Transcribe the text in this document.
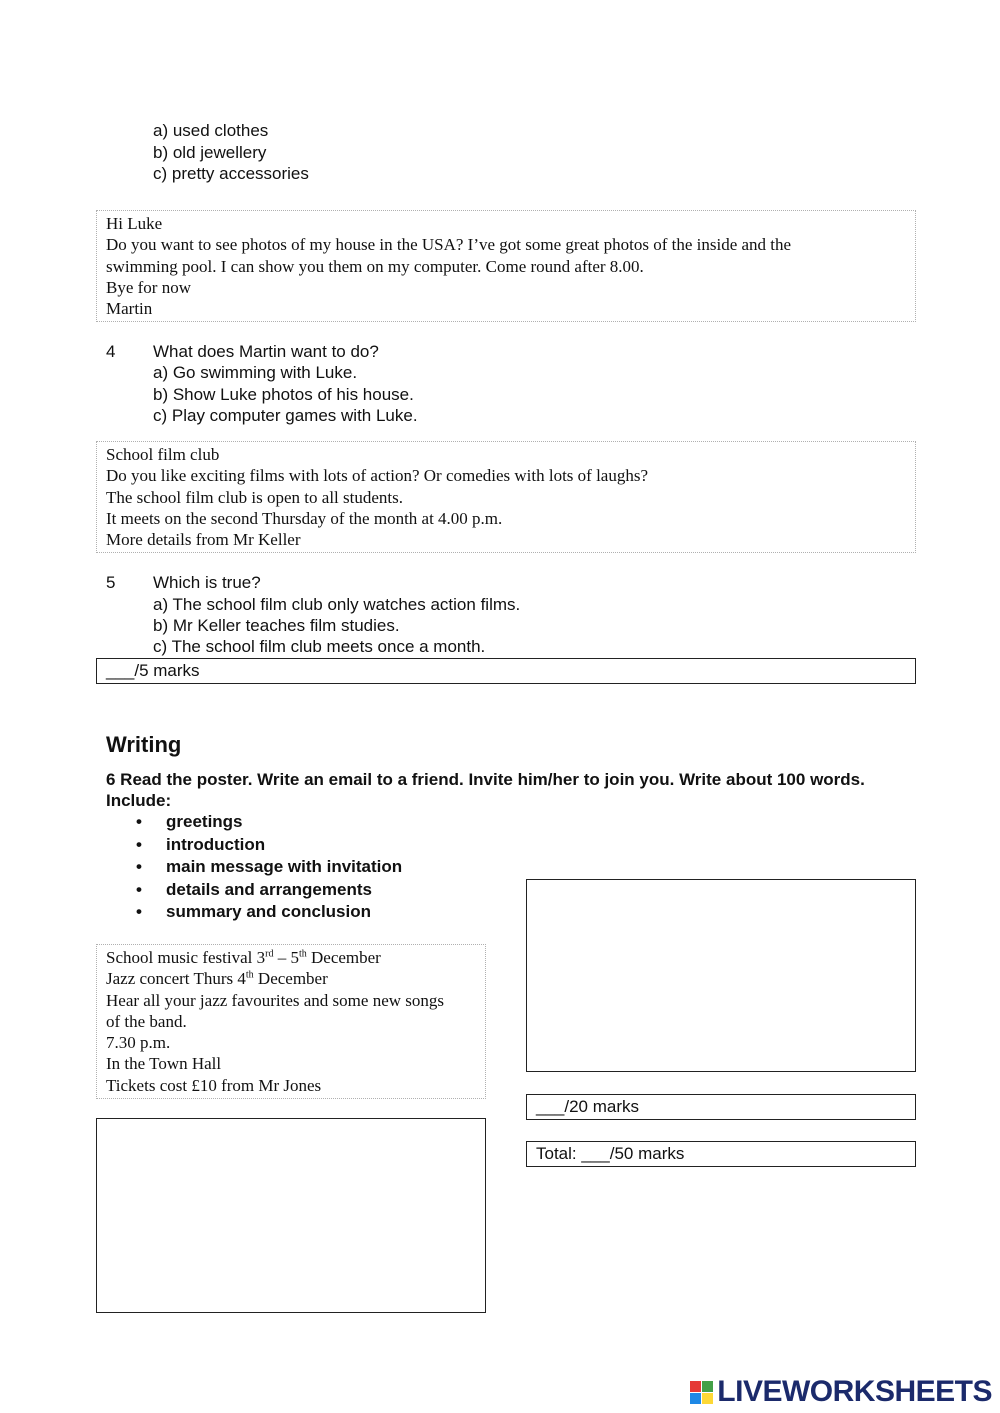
a) used clothes
b) old jewellery
c) pretty accessories
Hi Luke
Do you want to see photos of my house in the USA? I’ve got some great photos of the inside and the
swimming pool. I can show you them on my computer. Come round after 8.00.
Bye for now
Martin
4 What does Martin want to do?
a) Go swimming with Luke.
b) Show Luke photos of his house.
c) Play computer games with Luke.
School film club
Do you like exciting films with lots of action? Or comedies with lots of laughs?
The school film club is open to all students.
It meets on the second Thursday of the month at 4.00 p.m.
More details from Mr Keller
5 Which is true?
a) The school film club only watches action films.
b) Mr Keller teaches film studies.
c) The school film club meets once a month.
___/5 marks
Writing
6 Read the poster. Write an email to a friend. Invite him/her to join you. Write about 100 words. Include:
• greetings
• introduction
• main message with invitation
• details and arrangements
• summary and conclusion
School music festival 3rd – 5th December
Jazz concert Thurs 4th December
Hear all your jazz favourites and some new songs
of the band.
7.30 p.m.
In the Town Hall
Tickets cost £10 from Mr Jones
___/20 marks
Total: ___/50 marks
LIVEWORKSHEETS
